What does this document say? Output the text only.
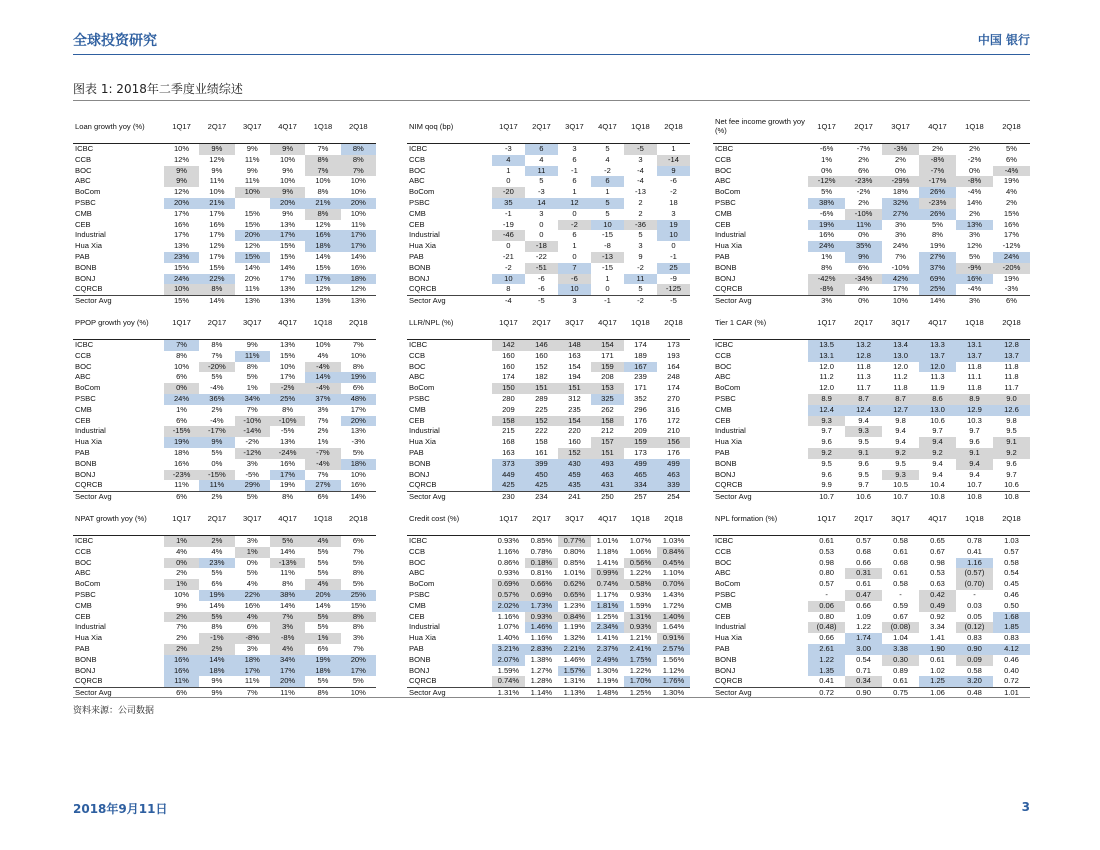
全球投资研究	中国 银行
图表 1: 2018年二季度业绩综述
Loan growth yoy (%)	1Q17	2Q17	3Q17	4Q17	1Q18	2Q18
ICBC	10%	9%	9%	9%	7%	8%
CCB	12%	12%	11%	10%	8%	8%
BOC	9%	9%	9%	9%	7%	7%
ABC	9%	11%	11%	10%	10%	10%
BoCom	12%	10%	10%	9%	8%	10%
PSBC	20%	21%		20%	21%	20%
CMB	17%	17%	15%	9%	8%	10%
CEB	16%	16%	15%	13%	12%	11%
Industrial	17%	17%	20%	17%	16%	17%
Hua Xia	13%	12%	12%	15%	18%	17%
PAB	23%	17%	15%	15%	14%	14%
BONB	15%	15%	14%	14%	15%	16%
BONJ	24%	22%	20%	17%	17%	18%
CQRCB	10%	8%	11%	13%	12%	12%
Sector Avg	15%	14%	13%	13%	13%	13%
NIM qoq (bp)	1Q17	2Q17	3Q17	4Q17	1Q18	2Q18
ICBC	-3	6	3	5	-5	1
CCB	4	4	6	4	3	-14
BOC	1	11	-1	-2	-4	9
ABC	0	5	6	6	-4	-6
BoCom	-20	-3	1	1	-13	-2
PSBC	35	14	12	5	2	18
CMB	-1	3	0	5	2	3
CEB	-19	0	-2	10	-36	19
Industrial	-46	0	6	-15	5	10
Hua Xia	0	-18	1	-8	3	0
PAB	-21	-22	0	-13	9	-1
BONB	-2	-51	7	-15	-2	25
BONJ	10	-6	-6	1	11	-9
CQRCB	8	-6	10	0	5	-125
Sector Avg	-4	-5	3	-1	-2	-5
Net fee income growth yoy (%)	1Q17	2Q17	3Q17	4Q17	1Q18	2Q18
ICBC	-6%	-7%	-3%	2%	2%	5%
CCB	1%	2%	2%	-8%	-2%	6%
BOC	0%	6%	0%	-7%	0%	-4%
ABC	-12%	-23%	-29%	-17%	-8%	19%
BoCom	5%	-2%	18%	26%	-4%	4%
PSBC	38%	2%	32%	-23%	14%	2%
CMB	-6%	-10%	27%	26%	2%	15%
CEB	19%	11%	3%	5%	13%	16%
Industrial	16%	0%	3%	8%	3%	17%
Hua Xia	24%	35%	24%	19%	12%	-12%
PAB	1%	9%	7%	27%	5%	24%
BONB	8%	6%	-10%	37%	-9%	-20%
BONJ	-42%	-34%	42%	69%	16%	19%
CQRCB	-8%	4%	17%	25%	-4%	-3%
Sector Avg	3%	0%	10%	14%	3%	6%
PPOP growth yoy (%)	1Q17	2Q17	3Q17	4Q17	1Q18	2Q18
ICBC	7%	8%	9%	13%	10%	7%
CCB	8%	7%	11%	15%	4%	10%
BOC	10%	-20%	8%	10%	-4%	8%
ABC	6%	5%	5%	17%	14%	19%
BoCom	0%	-4%	1%	-2%	-4%	6%
PSBC	24%	36%	34%	25%	37%	48%
CMB	1%	2%	7%	8%	3%	17%
CEB	6%	-4%	-10%	-10%	7%	20%
Industrial	-15%	-17%	-14%	-5%	2%	13%
Hua Xia	19%	9%	-2%	13%	1%	-3%
PAB	18%	5%	-12%	-24%	-7%	5%
BONB	16%	0%	3%	16%	-4%	18%
BONJ	-23%	-15%	-5%	17%	7%	10%
CQRCB	11%	11%	29%	19%	27%	16%
Sector Avg	6%	2%	5%	8%	6%	14%
LLR/NPL (%)	1Q17	2Q17	3Q17	4Q17	1Q18	2Q18
ICBC	142	146	148	154	174	173
CCB	160	160	163	171	189	193
BOC	160	152	154	159	167	164
ABC	174	182	194	208	239	248
BoCom	150	151	151	153	171	174
PSBC	280	289	312	325	352	270
CMB	209	225	235	262	296	316
CEB	158	152	154	158	176	172
Industrial	215	222	220	212	209	210
Hua Xia	168	158	160	157	159	156
PAB	163	161	152	151	173	176
BONB	373	399	430	493	499	499
BONJ	449	450	459	463	465	463
CQRCB	425	425	435	431	334	339
Sector Avg	230	234	241	250	257	254
Tier 1 CAR (%)	1Q17	2Q17	3Q17	4Q17	1Q18	2Q18
ICBC	13.5	13.2	13.4	13.3	13.1	12.8
CCB	13.1	12.8	13.0	13.7	13.7	13.7
BOC	12.0	11.8	12.0	12.0	11.8	11.8
ABC	11.2	11.3	11.2	11.3	11.1	11.8
BoCom	12.0	11.7	11.8	11.9	11.8	11.7
PSBC	8.9	8.7	8.7	8.6	8.9	9.0
CMB	12.4	12.4	12.7	13.0	12.9	12.6
CEB	9.3	9.4	9.8	10.6	10.3	9.8
Industrial	9.7	9.3	9.4	9.7	9.7	9.5
Hua Xia	9.6	9.5	9.4	9.4	9.6	9.1
PAB	9.2	9.1	9.2	9.2	9.1	9.2
BONB	9.5	9.6	9.5	9.4	9.4	9.6
BONJ	9.6	9.5	9.3	9.4	9.4	9.7
CQRCB	9.9	9.7	10.5	10.4	10.7	10.6
Sector Avg	10.7	10.6	10.7	10.8	10.8	10.8
NPAT growth yoy (%)	1Q17	2Q17	3Q17	4Q17	1Q18	2Q18
ICBC	1%	2%	3%	5%	4%	6%
CCB	4%	4%	1%	14%	5%	7%
BOC	0%	23%	0%	-13%	5%	5%
ABC	2%	5%	5%	11%	5%	8%
BoCom	1%	6%	4%	8%	4%	5%
PSBC	10%	19%	22%	38%	20%	25%
CMB	9%	14%	16%	14%	14%	15%
CEB	2%	5%	4%	7%	5%	8%
Industrial	7%	8%	6%	3%	5%	8%
Hua Xia	2%	-1%	-8%	-8%	1%	3%
PAB	2%	2%	3%	4%	6%	7%
BONB	16%	14%	18%	34%	19%	20%
BONJ	16%	18%	17%	17%	18%	17%
CQRCB	11%	9%	11%	20%	5%	5%
Sector Avg	6%	9%	7%	11%	8%	10%
Credit cost (%)	1Q17	2Q17	3Q17	4Q17	1Q18	2Q18
ICBC	0.93%	0.85%	0.77%	1.01%	1.07%	1.03%
CCB	1.16%	0.78%	0.80%	1.18%	1.06%	0.84%
BOC	0.86%	0.18%	0.85%	1.41%	0.56%	0.45%
ABC	0.93%	0.81%	1.01%	0.99%	1.22%	1.10%
BoCom	0.69%	0.66%	0.62%	0.74%	0.58%	0.70%
PSBC	0.57%	0.69%	0.65%	1.17%	0.93%	1.43%
CMB	2.02%	1.73%	1.23%	1.81%	1.59%	1.72%
CEB	1.16%	0.93%	0.84%	1.25%	1.31%	1.40%
Industrial	1.07%	1.46%	1.19%	2.34%	0.93%	1.64%
Hua Xia	1.40%	1.16%	1.32%	1.41%	1.21%	0.91%
PAB	3.21%	2.83%	2.21%	2.37%	2.41%	2.57%
BONB	2.07%	1.38%	1.46%	2.49%	1.75%	1.56%
BONJ	1.59%	1.27%	1.57%	1.30%	1.22%	1.12%
CQRCB	0.74%	1.28%	1.31%	1.19%	1.70%	1.76%
Sector Avg	1.31%	1.14%	1.13%	1.48%	1.25%	1.30%
NPL formation (%)	1Q17	2Q17	3Q17	4Q17	1Q18	2Q18
ICBC	0.61	0.57	0.58	0.65	0.78	1.03
CCB	0.53	0.68	0.61	0.67	0.41	0.57
BOC	0.98	0.66	0.68	0.98	1.16	0.58
ABC	0.80	0.31	0.61	0.53	(0.57)	0.54
BoCom	0.57	0.61	0.58	0.63	(0.70)	0.45
PSBC	-	0.47	-	0.42	-	0.46
CMB	0.06	0.66	0.59	0.49	0.03	0.50
CEB	0.80	1.09	0.67	0.92	0.05	1.68
Industrial	(0.48)	1.22	(0.08)	3.34	(0.12)	1.85
Hua Xia	0.66	1.74	1.04	1.41	0.83	0.83
PAB	2.61	3.00	3.38	1.90	0.90	4.12
BONB	1.22	0.54	0.30	0.61	0.09	0.46
BONJ	1.35	0.71	0.89	1.02	0.58	0.40
CQRCB	0.41	0.34	0.61	1.25	3.20	0.72
Sector Avg	0.72	0.90	0.75	1.06	0.48	1.01
资料来源：公司数据
2018年9月11日	3
